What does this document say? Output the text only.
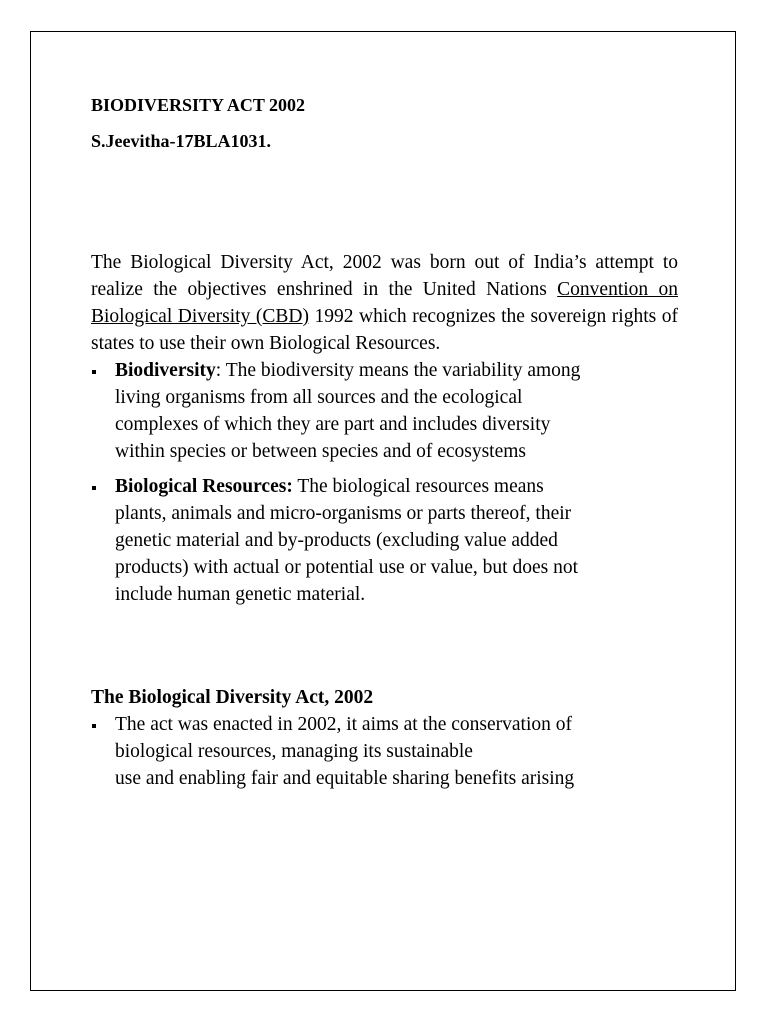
BIODIVERSITY ACT 2002

S.Jeevitha-17BLA1031.

The Biological Diversity Act, 2002 was born out of India’s attempt to realize the objectives enshrined in the United Nations Convention on Biological Diversity (CBD) 1992 which recognizes the sovereign rights of states to use their own Biological Resources.

Biodiversity: The biodiversity means the variability among
living organisms from all sources and the ecological
complexes of which they are part and includes diversity
within species or between species and of ecosystems
Biological Resources: The biological resources means
plants, animals and micro-organisms or parts thereof, their
genetic material and by-products (excluding value added
products) with actual or potential use or value, but does not
include human genetic material.
The Biological Diversity Act, 2002
The act was enacted in 2002, it aims at the conservation of
biological resources, managing its sustainable
use and enabling fair and equitable sharing benefits arising
